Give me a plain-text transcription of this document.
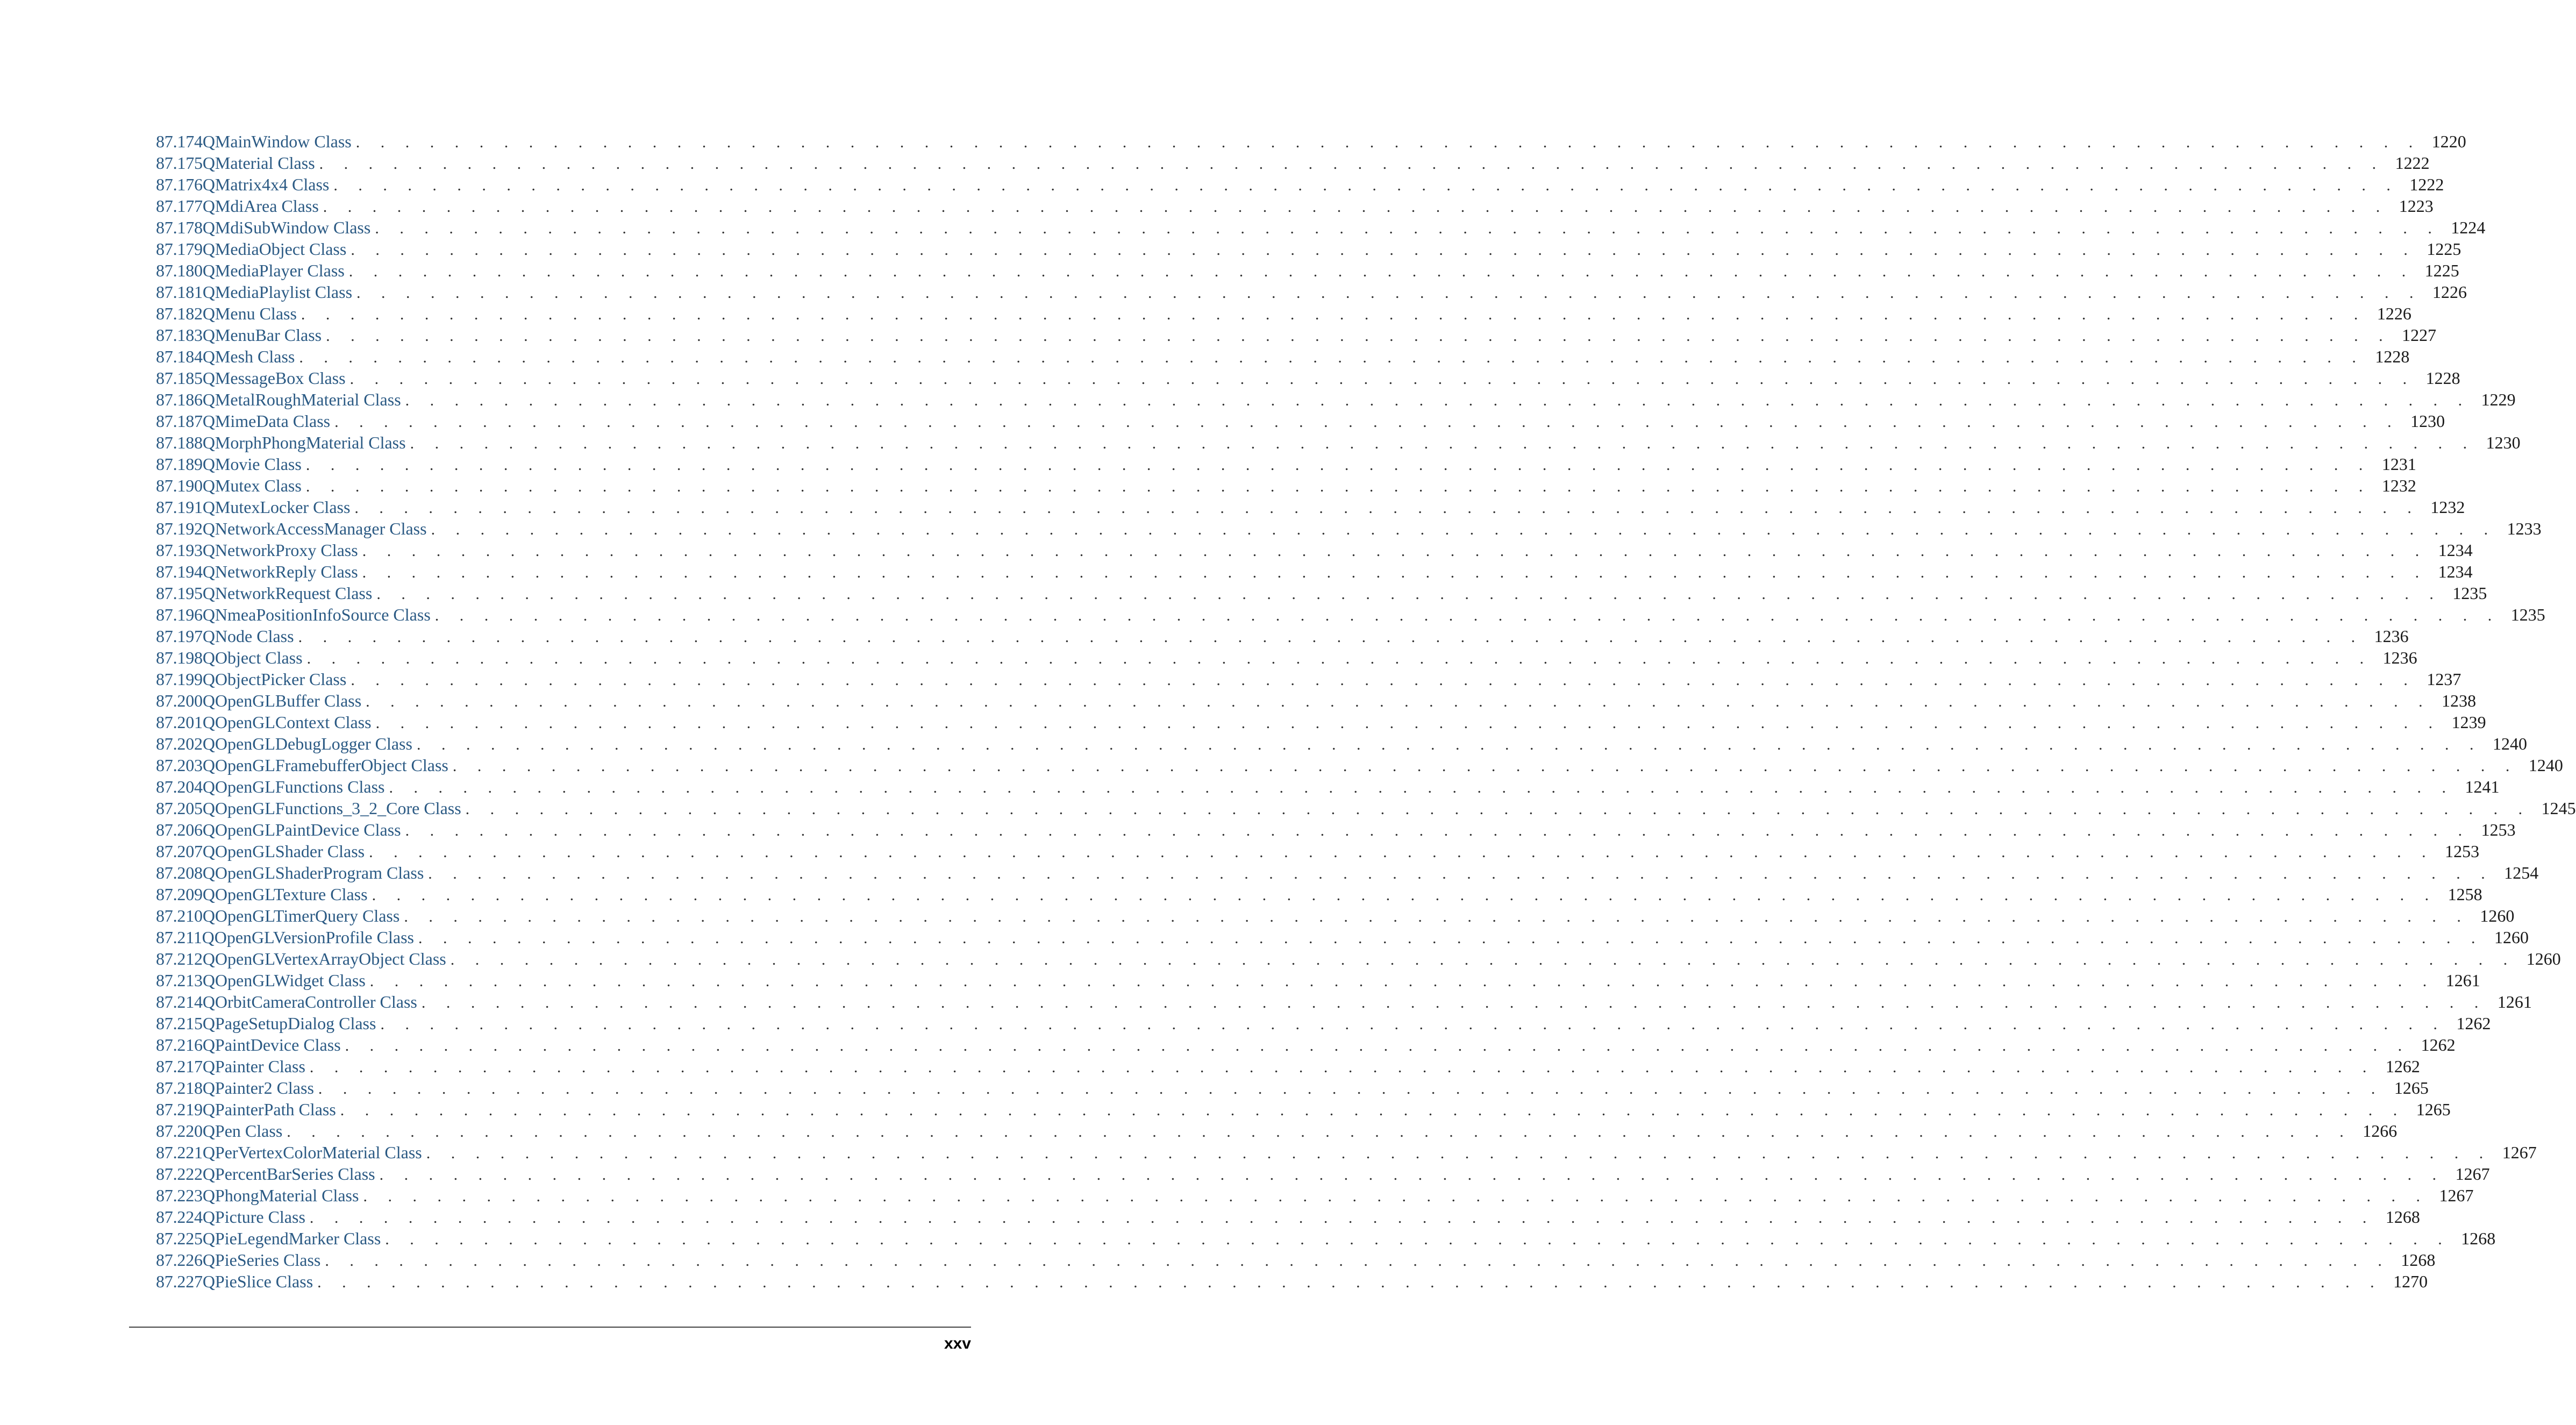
87.174 QMainWindow Class . . . . . . . . . . . . . . . . . . . . . . . . . . . . . . . . . . . . . . . . . . . . . . . . . . . . . . . . . . . . . . . . . . . . . . . . . . . . . . . . . . . . 1220
87.175 QMaterial Class . . . . . . . . . . . . . . . . . . . . . . . . . . . . . . . . . . . . . . . . . . . . . . . . . . . . . . . . . . . . . . . . . . . . . . . . . . . . . . . . . . . . 1222
87.176 QMatrix4x4 Class . . . . . . . . . . . . . . . . . . . . . . . . . . . . . . . . . . . . . . . . . . . . . . . . . . . . . . . . . . . . . . . . . . . . . . . . . . . . . . . . . . . . 1222
87.177 QMdiArea Class . . . . . . . . . . . . . . . . . . . . . . . . . . . . . . . . . . . . . . . . . . . . . . . . . . . . . . . . . . . . . . . . . . . . . . . . . . . . . . . . . . . . 1223
87.178 QMdiSubWindow Class . . . . . . . . . . . . . . . . . . . . . . . . . . . . . . . . . . . . . . . . . . . . . . . . . . . . . . . . . . . . . . . . . . . . . . . . . . . . . . . . . . . . 1224
87.179 QMediaObject Class . . . . . . . . . . . . . . . . . . . . . . . . . . . . . . . . . . . . . . . . . . . . . . . . . . . . . . . . . . . . . . . . . . . . . . . . . . . . . . . . . . . . 1225
87.180 QMediaPlayer Class . . . . . . . . . . . . . . . . . . . . . . . . . . . . . . . . . . . . . . . . . . . . . . . . . . . . . . . . . . . . . . . . . . . . . . . . . . . . . . . . . . . . 1225
87.181 QMediaPlaylist Class . . . . . . . . . . . . . . . . . . . . . . . . . . . . . . . . . . . . . . . . . . . . . . . . . . . . . . . . . . . . . . . . . . . . . . . . . . . . . . . . . . . . 1226
87.182 QMenu Class . . . . . . . . . . . . . . . . . . . . . . . . . . . . . . . . . . . . . . . . . . . . . . . . . . . . . . . . . . . . . . . . . . . . . . . . . . . . . . . . . . . . 1226
87.183 QMenuBar Class . . . . . . . . . . . . . . . . . . . . . . . . . . . . . . . . . . . . . . . . . . . . . . . . . . . . . . . . . . . . . . . . . . . . . . . . . . . . . . . . . . . . 1227
87.184 QMesh Class . . . . . . . . . . . . . . . . . . . . . . . . . . . . . . . . . . . . . . . . . . . . . . . . . . . . . . . . . . . . . . . . . . . . . . . . . . . . . . . . . . . . 1228
87.185 QMessageBox Class . . . . . . . . . . . . . . . . . . . . . . . . . . . . . . . . . . . . . . . . . . . . . . . . . . . . . . . . . . . . . . . . . . . . . . . . . . . . . . . . . . . . 1228
87.186 QMetalRoughMaterial Class . . . . . . . . . . . . . . . . . . . . . . . . . . . . . . . . . . . . . . . . . . . . . . . . . . . . . . . . . . . . . . . . . . . . . . . . . . . . . . . . . . . . 1229
87.187 QMimeData Class . . . . . . . . . . . . . . . . . . . . . . . . . . . . . . . . . . . . . . . . . . . . . . . . . . . . . . . . . . . . . . . . . . . . . . . . . . . . . . . . . . . . 1230
87.188 QMorphPhongMaterial Class . . . . . . . . . . . . . . . . . . . . . . . . . . . . . . . . . . . . . . . . . . . . . . . . . . . . . . . . . . . . . . . . . . . . . . . . . . . . . . . . . . . . 1230
87.189 QMovie Class . . . . . . . . . . . . . . . . . . . . . . . . . . . . . . . . . . . . . . . . . . . . . . . . . . . . . . . . . . . . . . . . . . . . . . . . . . . . . . . . . . . . 1231
87.190 QMutex Class . . . . . . . . . . . . . . . . . . . . . . . . . . . . . . . . . . . . . . . . . . . . . . . . . . . . . . . . . . . . . . . . . . . . . . . . . . . . . . . . . . . . 1232
87.191 QMutexLocker Class . . . . . . . . . . . . . . . . . . . . . . . . . . . . . . . . . . . . . . . . . . . . . . . . . . . . . . . . . . . . . . . . . . . . . . . . . . . . . . . . . . . . 1232
87.192 QNetworkAccessManager Class . . . . . . . . . . . . . . . . . . . . . . . . . . . . . . . . . . . . . . . . . . . . . . . . . . . . . . . . . . . . . . . . . . . . . . . . . . . . . . . . . . . . 1233
87.193 QNetworkProxy Class . . . . . . . . . . . . . . . . . . . . . . . . . . . . . . . . . . . . . . . . . . . . . . . . . . . . . . . . . . . . . . . . . . . . . . . . . . . . . . . . . . . . 1234
87.194 QNetworkReply Class . . . . . . . . . . . . . . . . . . . . . . . . . . . . . . . . . . . . . . . . . . . . . . . . . . . . . . . . . . . . . . . . . . . . . . . . . . . . . . . . . . . . 1234
87.195 QNetworkRequest Class . . . . . . . . . . . . . . . . . . . . . . . . . . . . . . . . . . . . . . . . . . . . . . . . . . . . . . . . . . . . . . . . . . . . . . . . . . . . . . . . . . . . 1235
87.196 QNmeaPositionInfoSource Class . . . . . . . . . . . . . . . . . . . . . . . . . . . . . . . . . . . . . . . . . . . . . . . . . . . . . . . . . . . . . . . . . . . . . . . . . . . . . . . . . . . . 1235
87.197 QNode Class . . . . . . . . . . . . . . . . . . . . . . . . . . . . . . . . . . . . . . . . . . . . . . . . . . . . . . . . . . . . . . . . . . . . . . . . . . . . . . . . . . . . 1236
87.198 QObject Class . . . . . . . . . . . . . . . . . . . . . . . . . . . . . . . . . . . . . . . . . . . . . . . . . . . . . . . . . . . . . . . . . . . . . . . . . . . . . . . . . . . . 1236
87.199 QObjectPicker Class . . . . . . . . . . . . . . . . . . . . . . . . . . . . . . . . . . . . . . . . . . . . . . . . . . . . . . . . . . . . . . . . . . . . . . . . . . . . . . . . . . . . 1237
87.200 QOpenGLBuffer Class . . . . . . . . . . . . . . . . . . . . . . . . . . . . . . . . . . . . . . . . . . . . . . . . . . . . . . . . . . . . . . . . . . . . . . . . . . . . . . . . . . . . 1238
87.201 QOpenGLContext Class . . . . . . . . . . . . . . . . . . . . . . . . . . . . . . . . . . . . . . . . . . . . . . . . . . . . . . . . . . . . . . . . . . . . . . . . . . . . . . . . . . . . 1239
87.202 QOpenGLDebugLogger Class . . . . . . . . . . . . . . . . . . . . . . . . . . . . . . . . . . . . . . . . . . . . . . . . . . . . . . . . . . . . . . . . . . . . . . . . . . . . . . . . . . . . 1240
87.203 QOpenGLFramebufferObject Class . . . . . . . . . . . . . . . . . . . . . . . . . . . . . . . . . . . . . . . . . . . . . . . . . . . . . . . . . . . . . . . . . . . . . . . . . . . . . . . . . . . . 1240
87.204 QOpenGLFunctions Class . . . . . . . . . . . . . . . . . . . . . . . . . . . . . . . . . . . . . . . . . . . . . . . . . . . . . . . . . . . . . . . . . . . . . . . . . . . . . . . . . . . . 1241
87.205 QOpenGLFunctions_3_2_Core Class . . . . . . . . . . . . . . . . . . . . . . . . . . . . . . . . . . . . . . . . . . . . . . . . . . . . . . . . . . . . . . . . . . . . . . . . . . . . . . . . . . . . 1245
87.206 QOpenGLPaintDevice Class . . . . . . . . . . . . . . . . . . . . . . . . . . . . . . . . . . . . . . . . . . . . . . . . . . . . . . . . . . . . . . . . . . . . . . . . . . . . . . . . . . . . 1253
87.207 QOpenGLShader Class . . . . . . . . . . . . . . . . . . . . . . . . . . . . . . . . . . . . . . . . . . . . . . . . . . . . . . . . . . . . . . . . . . . . . . . . . . . . . . . . . . . . 1253
87.208 QOpenGLShaderProgram Class . . . . . . . . . . . . . . . . . . . . . . . . . . . . . . . . . . . . . . . . . . . . . . . . . . . . . . . . . . . . . . . . . . . . . . . . . . . . . . . . . . . . 1254
87.209 QOpenGLTexture Class . . . . . . . . . . . . . . . . . . . . . . . . . . . . . . . . . . . . . . . . . . . . . . . . . . . . . . . . . . . . . . . . . . . . . . . . . . . . . . . . . . . . 1258
87.210 QOpenGLTimerQuery Class . . . . . . . . . . . . . . . . . . . . . . . . . . . . . . . . . . . . . . . . . . . . . . . . . . . . . . . . . . . . . . . . . . . . . . . . . . . . . . . . . . . . 1260
87.211 QOpenGLVersionProfile Class . . . . . . . . . . . . . . . . . . . . . . . . . . . . . . . . . . . . . . . . . . . . . . . . . . . . . . . . . . . . . . . . . . . . . . . . . . . . . . . . . . . . 1260
87.212 QOpenGLVertexArrayObject Class . . . . . . . . . . . . . . . . . . . . . . . . . . . . . . . . . . . . . . . . . . . . . . . . . . . . . . . . . . . . . . . . . . . . . . . . . . . . . . . . . . . . 1260
87.213 QOpenGLWidget Class . . . . . . . . . . . . . . . . . . . . . . . . . . . . . . . . . . . . . . . . . . . . . . . . . . . . . . . . . . . . . . . . . . . . . . . . . . . . . . . . . . . . 1261
87.214 QOrbitCameraController Class . . . . . . . . . . . . . . . . . . . . . . . . . . . . . . . . . . . . . . . . . . . . . . . . . . . . . . . . . . . . . . . . . . . . . . . . . . . . . . . . . . . . 1261
87.215 QPageSetupDialog Class . . . . . . . . . . . . . . . . . . . . . . . . . . . . . . . . . . . . . . . . . . . . . . . . . . . . . . . . . . . . . . . . . . . . . . . . . . . . . . . . . . . . 1262
87.216 QPaintDevice Class . . . . . . . . . . . . . . . . . . . . . . . . . . . . . . . . . . . . . . . . . . . . . . . . . . . . . . . . . . . . . . . . . . . . . . . . . . . . . . . . . . . . 1262
87.217 QPainter Class . . . . . . . . . . . . . . . . . . . . . . . . . . . . . . . . . . . . . . . . . . . . . . . . . . . . . . . . . . . . . . . . . . . . . . . . . . . . . . . . . . . . 1262
87.218 QPainter2 Class . . . . . . . . . . . . . . . . . . . . . . . . . . . . . . . . . . . . . . . . . . . . . . . . . . . . . . . . . . . . . . . . . . . . . . . . . . . . . . . . . . . . 1265
87.219 QPainterPath Class . . . . . . . . . . . . . . . . . . . . . . . . . . . . . . . . . . . . . . . . . . . . . . . . . . . . . . . . . . . . . . . . . . . . . . . . . . . . . . . . . . . . 1265
87.220 QPen Class . . . . . . . . . . . . . . . . . . . . . . . . . . . . . . . . . . . . . . . . . . . . . . . . . . . . . . . . . . . . . . . . . . . . . . . . . . . . . . . . . . . . 1266
87.221 QPerVertexColorMaterial Class . . . . . . . . . . . . . . . . . . . . . . . . . . . . . . . . . . . . . . . . . . . . . . . . . . . . . . . . . . . . . . . . . . . . . . . . . . . . . . . . . . . . 1267
87.222 QPercentBarSeries Class . . . . . . . . . . . . . . . . . . . . . . . . . . . . . . . . . . . . . . . . . . . . . . . . . . . . . . . . . . . . . . . . . . . . . . . . . . . . . . . . . . . . 1267
87.223 QPhongMaterial Class . . . . . . . . . . . . . . . . . . . . . . . . . . . . . . . . . . . . . . . . . . . . . . . . . . . . . . . . . . . . . . . . . . . . . . . . . . . . . . . . . . . . 1267
87.224 QPicture Class . . . . . . . . . . . . . . . . . . . . . . . . . . . . . . . . . . . . . . . . . . . . . . . . . . . . . . . . . . . . . . . . . . . . . . . . . . . . . . . . . . . . 1268
87.225 QPieLegendMarker Class . . . . . . . . . . . . . . . . . . . . . . . . . . . . . . . . . . . . . . . . . . . . . . . . . . . . . . . . . . . . . . . . . . . . . . . . . . . . . . . . . . . . 1268
87.226 QPieSeries Class . . . . . . . . . . . . . . . . . . . . . . . . . . . . . . . . . . . . . . . . . . . . . . . . . . . . . . . . . . . . . . . . . . . . . . . . . . . . . . . . . . . . 1268
87.227 QPieSlice Class . . . . . . . . . . . . . . . . . . . . . . . . . . . . . . . . . . . . . . . . . . . . . . . . . . . . . . . . . . . . . . . . . . . . . . . . . . . . . . . . . . . . 1270
xxv
